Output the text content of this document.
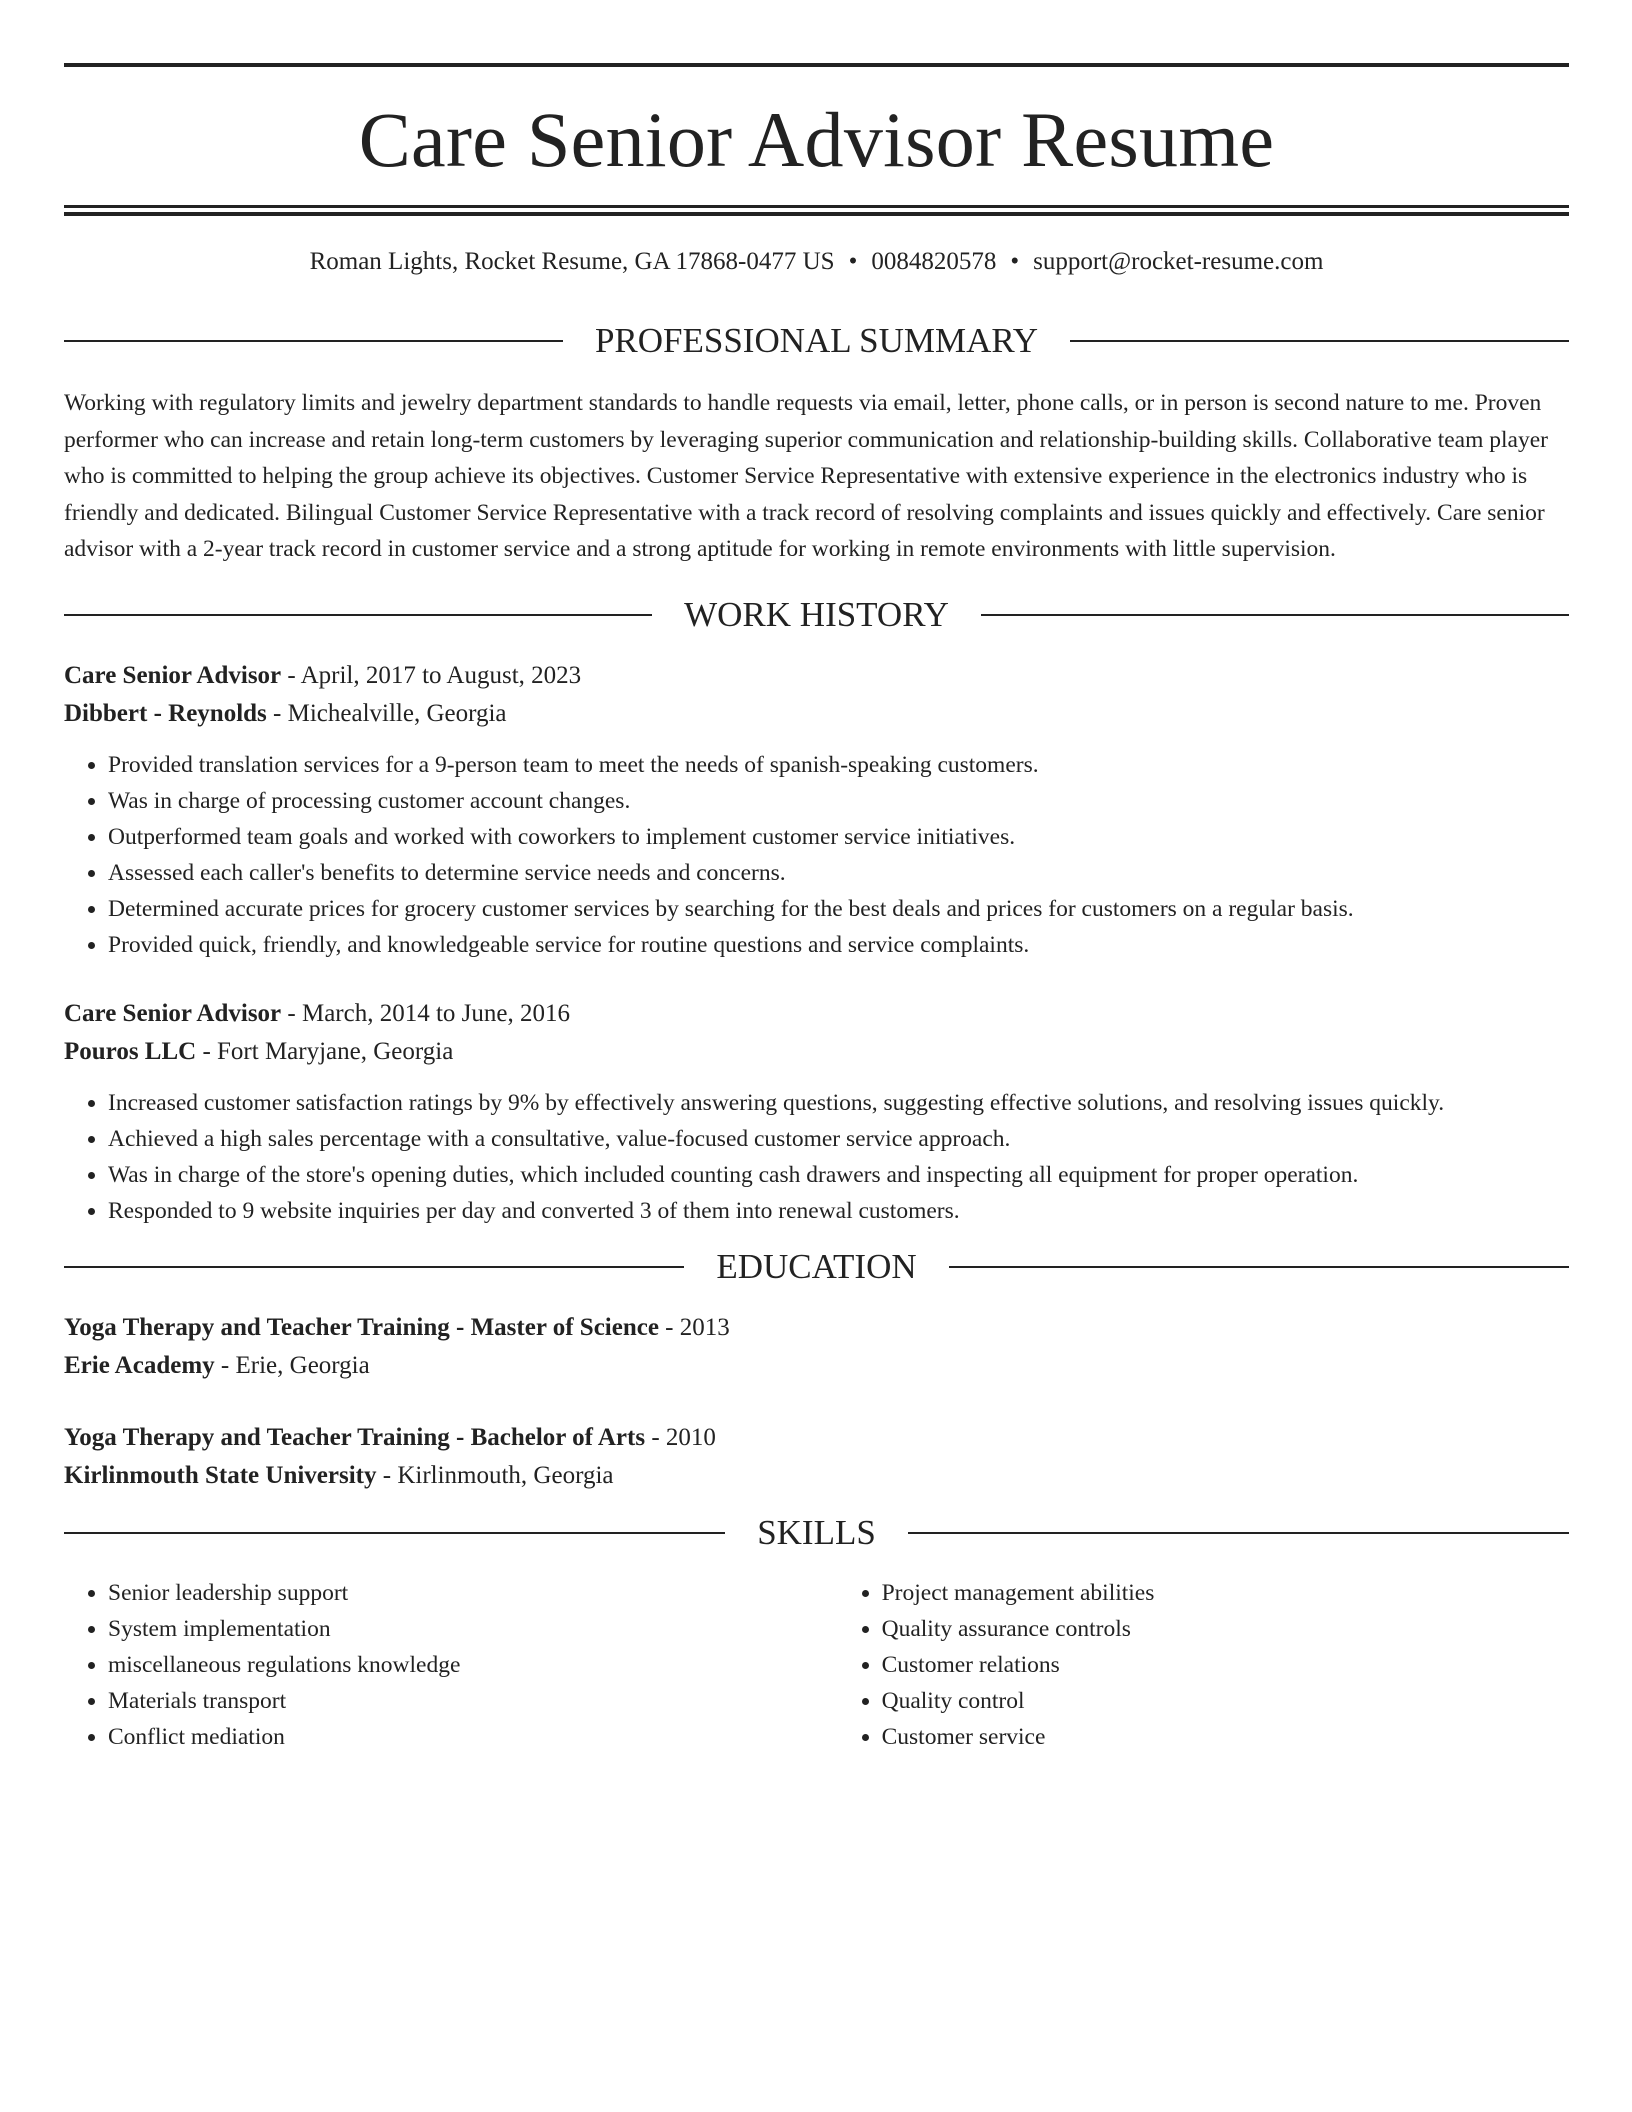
Care Senior Advisor Resume
Roman Lights, Rocket Resume, GA 17868-0477 US • 0084820578 • support@rocket-resume.com
PROFESSIONAL SUMMARY
Working with regulatory limits and jewelry department standards to handle requests via email, letter, phone calls, or in person is second nature to me. Proven performer who can increase and retain long-term customers by leveraging superior communication and relationship-building skills. Collaborative team player who is committed to helping the group achieve its objectives. Customer Service Representative with extensive experience in the electronics industry who is friendly and dedicated. Bilingual Customer Service Representative with a track record of resolving complaints and issues quickly and effectively. Care senior advisor with a 2-year track record in customer service and a strong aptitude for working in remote environments with little supervision.
WORK HISTORY
Care Senior Advisor - April, 2017 to August, 2023
Dibbert - Reynolds - Michealville, Georgia
• Provided translation services for a 9-person team to meet the needs of spanish-speaking customers.
• Was in charge of processing customer account changes.
• Outperformed team goals and worked with coworkers to implement customer service initiatives.
• Assessed each caller's benefits to determine service needs and concerns.
• Determined accurate prices for grocery customer services by searching for the best deals and prices for customers on a regular basis.
• Provided quick, friendly, and knowledgeable service for routine questions and service complaints.
Care Senior Advisor - March, 2014 to June, 2016
Pouros LLC - Fort Maryjane, Georgia
• Increased customer satisfaction ratings by 9% by effectively answering questions, suggesting effective solutions, and resolving issues quickly.
• Achieved a high sales percentage with a consultative, value-focused customer service approach.
• Was in charge of the store's opening duties, which included counting cash drawers and inspecting all equipment for proper operation.
• Responded to 9 website inquiries per day and converted 3 of them into renewal customers.
EDUCATION
Yoga Therapy and Teacher Training - Master of Science - 2013
Erie Academy - Erie, Georgia
Yoga Therapy and Teacher Training - Bachelor of Arts - 2010
Kirlinmouth State University - Kirlinmouth, Georgia
SKILLS
• Senior leadership support
• System implementation
• miscellaneous regulations knowledge
• Materials transport
• Conflict mediation
• Project management abilities
• Quality assurance controls
• Customer relations
• Quality control
• Customer service
